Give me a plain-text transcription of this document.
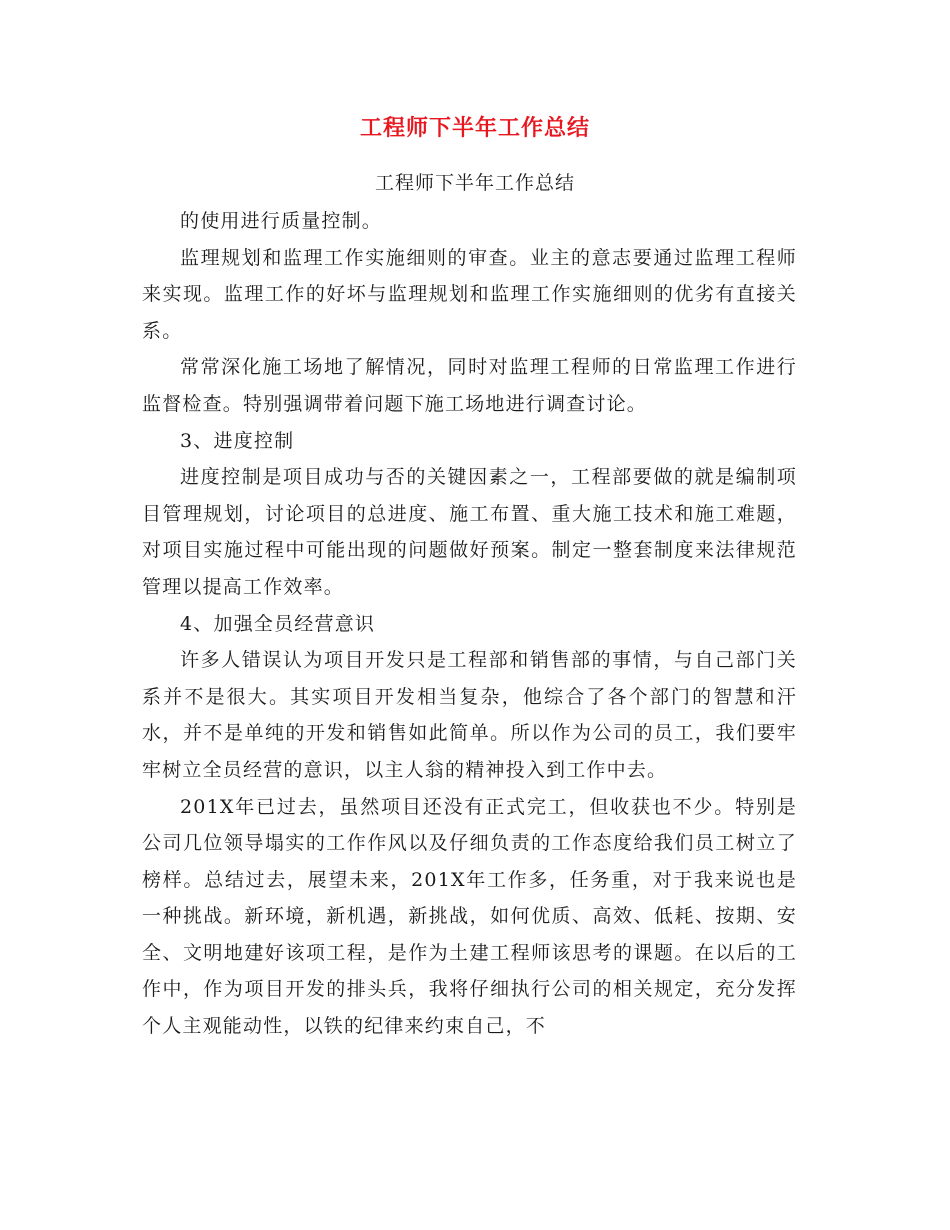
工程师下半年工作总结
工程师下半年工作总结

的使用进行质量控制。

监理规划和监理工作实施细则的审查。业主的意志要通过监理工程师来实现。监理工作的好坏与监理规划和监理工作实施细则的优劣有直接关系。

常常深化施工场地了解情况，同时对监理工程师的日常监理工作进行监督检查。特别强调带着问题下施工场地进行调查讨论。

3、进度控制

进度控制是项目成功与否的关键因素之一，工程部要做的就是编制项目管理规划，讨论项目的总进度、施工布置、重大施工技术和施工难题，对项目实施过程中可能出现的问题做好预案。制定一整套制度来法律规范管理以提高工作效率。

4、加强全员经营意识

许多人错误认为项目开发只是工程部和销售部的事情，与自己部门关系并不是很大。其实项目开发相当复杂，他综合了各个部门的智慧和汗水，并不是单纯的开发和销售如此简单。所以作为公司的员工，我们要牢牢树立全员经营的意识，以主人翁的精神投入到工作中去。

201X年已过去，虽然项目还没有正式完工，但收获也不少。特别是公司几位领导塌实的工作作风以及仔细负责的工作态度给我们员工树立了榜样。总结过去，展望未来，201X年工作多，任务重，对于我来说也是一种挑战。新环境，新机遇，新挑战，如何优质、高效、低耗、按期、安全、文明地建好该项工程，是作为土建工程师该思考的课题。在以后的工作中，作为项目开发的排头兵，我将仔细执行公司的相关规定，充分发挥个人主观能动性，以铁的纪律来约束自己，不
